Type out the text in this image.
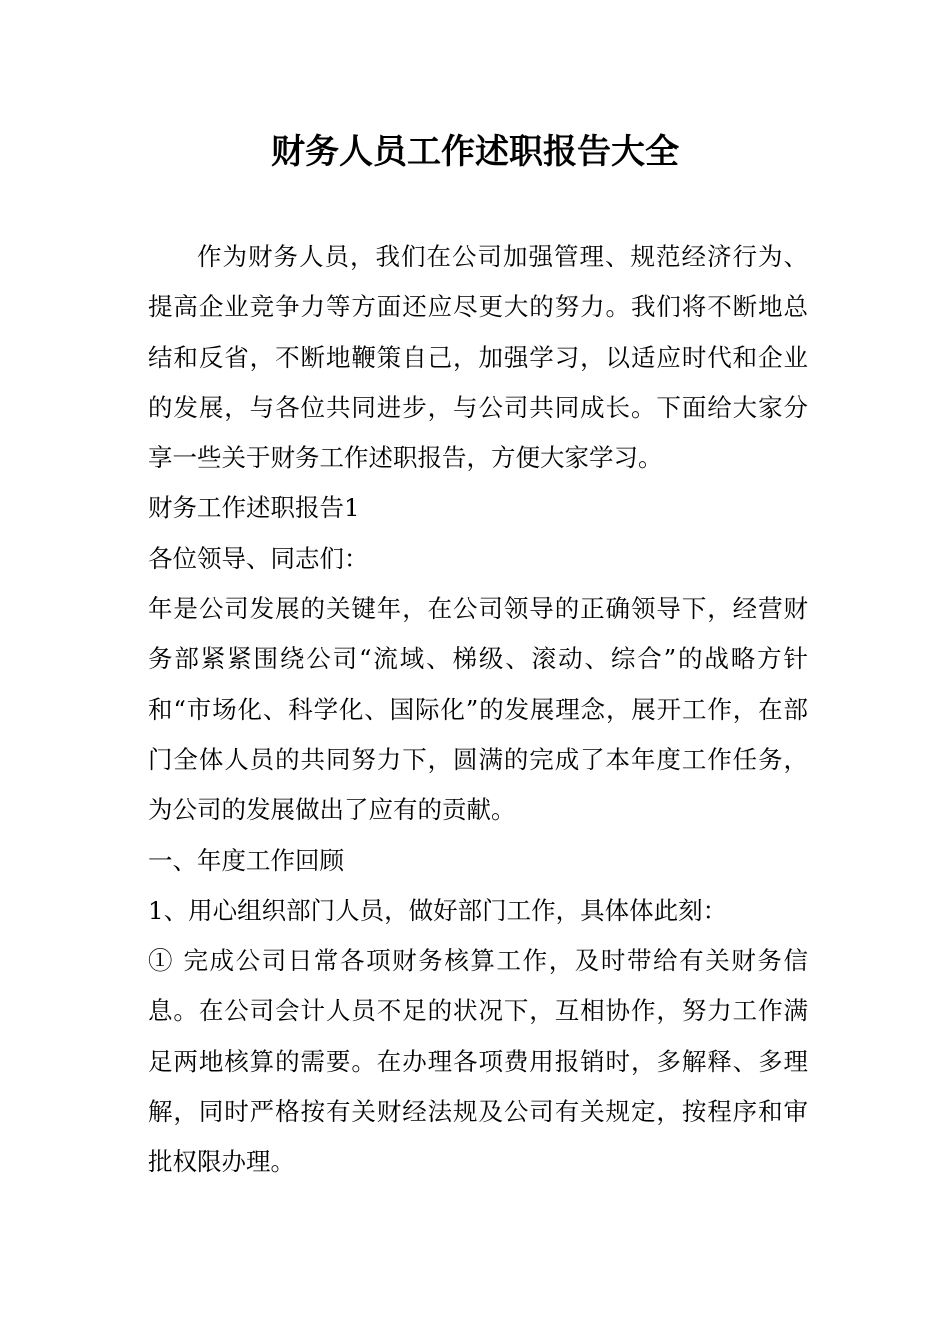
财务人员工作述职报告大全

作为财务人员，我们在公司加强管理、规范经济行为、提高企业竞争力等方面还应尽更大的努力。我们将不断地总结和反省，不断地鞭策自己，加强学习，以适应时代和企业的发展，与各位共同进步，与公司共同成长。下面给大家分享一些关于财务工作述职报告，方便大家学习。

财务工作述职报告1

各位领导、同志们：

年是公司发展的关键年，在公司领导的正确领导下，经营财务部紧紧围绕公司“流域、梯级、滚动、综合”的战略方针和“市场化、科学化、国际化”的发展理念，展开工作，在部门全体人员的共同努力下，圆满的完成了本年度工作任务，为公司的发展做出了应有的贡献。

一、年度工作回顾

1、用心组织部门人员，做好部门工作，具体体此刻：

① 完成公司日常各项财务核算工作，及时带给有关财务信息。在公司会计人员不足的状况下，互相协作，努力工作满足两地核算的需要。在办理各项费用报销时，多解释、多理解，同时严格按有关财经法规及公司有关规定，按程序和审批权限办理。
